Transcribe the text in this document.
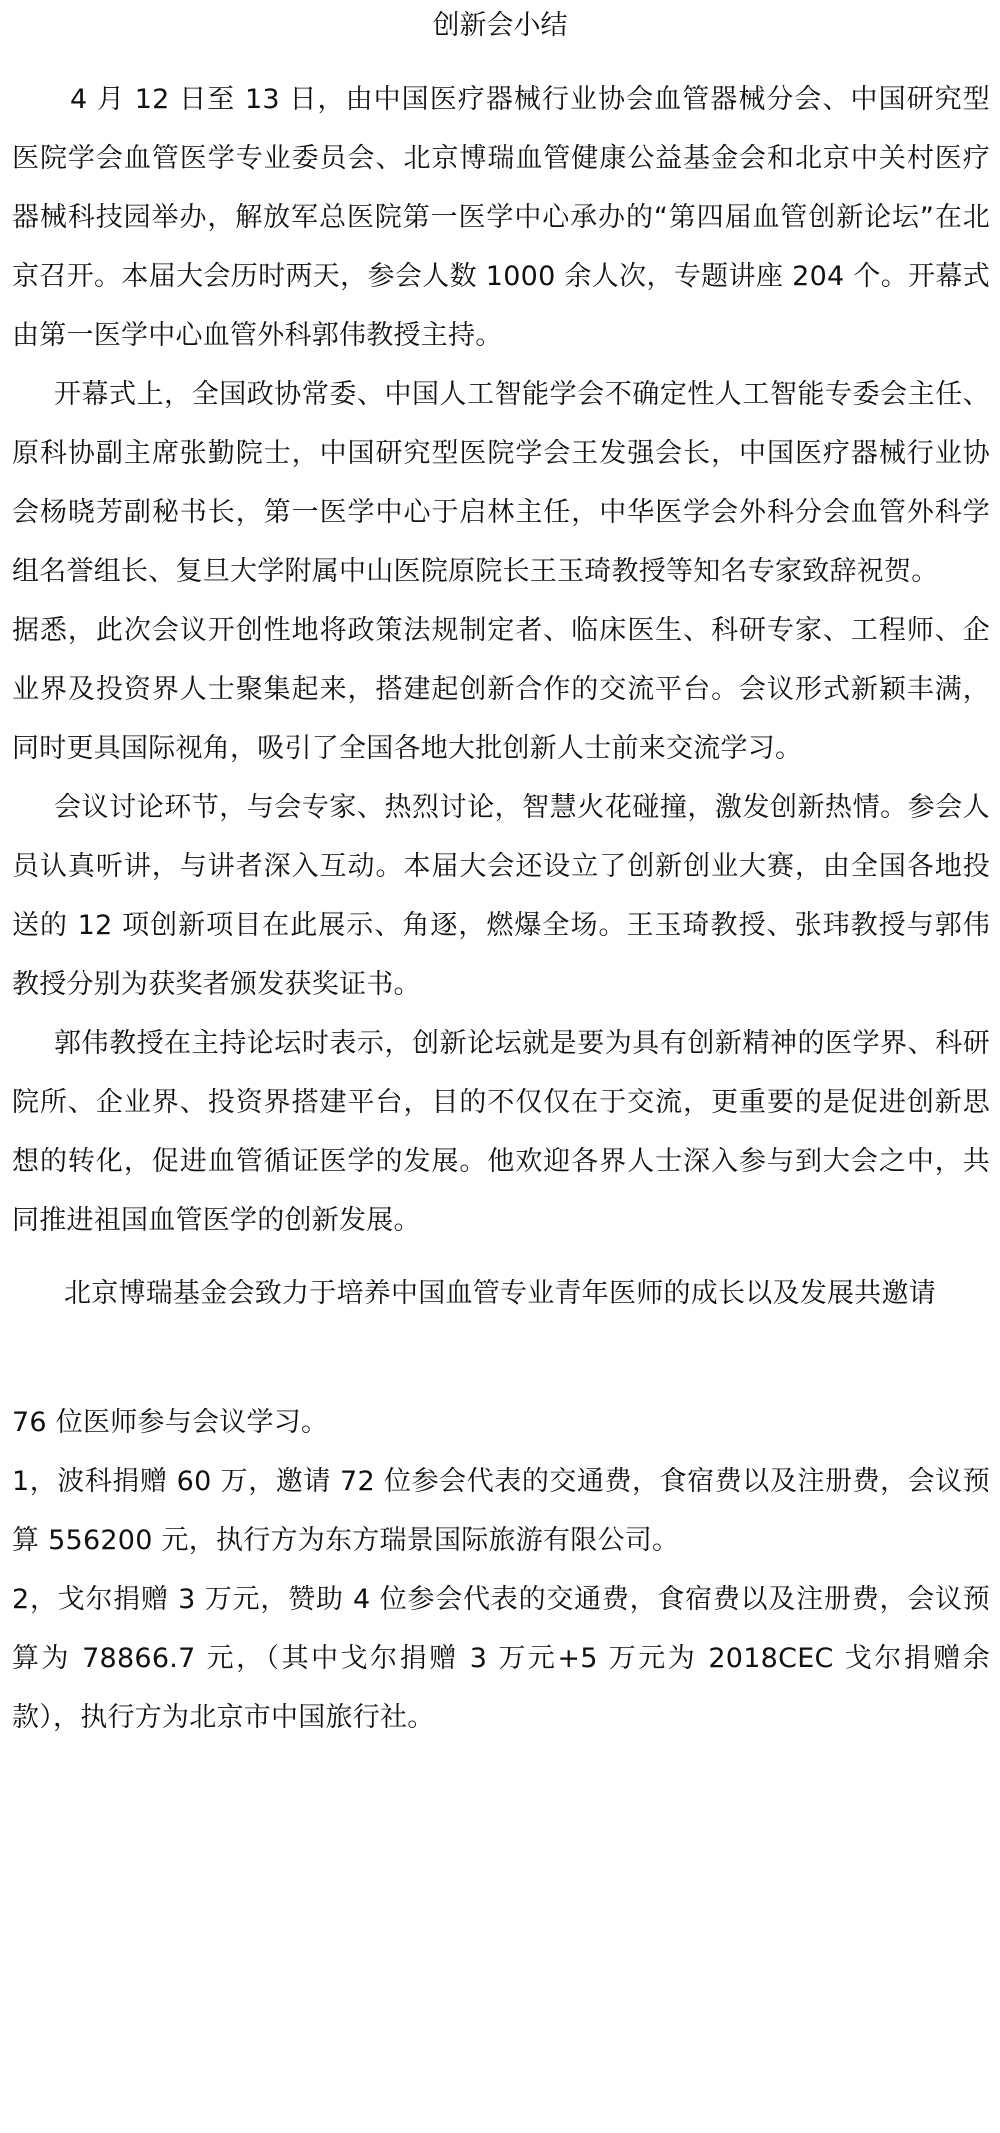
创新会小结

4 月 12 日至 13 日，由中国医疗器械行业协会血管器械分会、中国研究型医院学会血管医学专业委员会、北京博瑞血管健康公益基金会和北京中关村医疗器械科技园举办，解放军总医院第一医学中心承办的“第四届血管创新论坛”在北京召开。本届大会历时两天，参会人数 1000 余人次，专题讲座 204 个。开幕式由第一医学中心血管外科郭伟教授主持。

开幕式上，全国政协常委、中国人工智能学会不确定性人工智能专委会主任、原科协副主席张勤院士，中国研究型医院学会王发强会长，中国医疗器械行业协会杨晓芳副秘书长，第一医学中心于启林主任，中华医学会外科分会血管外科学组名誉组长、复旦大学附属中山医院原院长王玉琦教授等知名专家致辞祝贺。

据悉，此次会议开创性地将政策法规制定者、临床医生、科研专家、工程师、企业界及投资界人士聚集起来，搭建起创新合作的交流平台。会议形式新颖丰满，同时更具国际视角，吸引了全国各地大批创新人士前来交流学习。

会议讨论环节，与会专家、热烈讨论，智慧火花碰撞，激发创新热情。参会人员认真听讲，与讲者深入互动。本届大会还设立了创新创业大赛，由全国各地投送的 12 项创新项目在此展示、角逐，燃爆全场。王玉琦教授、张玮教授与郭伟教授分别为获奖者颁发获奖证书。

郭伟教授在主持论坛时表示，创新论坛就是要为具有创新精神的医学界、科研院所、企业界、投资界搭建平台，目的不仅仅在于交流，更重要的是促进创新思想的转化，促进血管循证医学的发展。他欢迎各界人士深入参与到大会之中，共同推进祖国血管医学的创新发展。

北京博瑞基金会致力于培养中国血管专业青年医师的成长以及发展共邀请

76 位医师参与会议学习。

1，波科捐赠 60 万，邀请 72 位参会代表的交通费，食宿费以及注册费，会议预算 556200 元，执行方为东方瑞景国际旅游有限公司。

2，戈尔捐赠 3 万元，赞助 4 位参会代表的交通费，食宿费以及注册费，会议预算为 78866.7 元，（其中戈尔捐赠 3 万元+5 万元为 2018CEC 戈尔捐赠余款），执行方为北京市中国旅行社。
